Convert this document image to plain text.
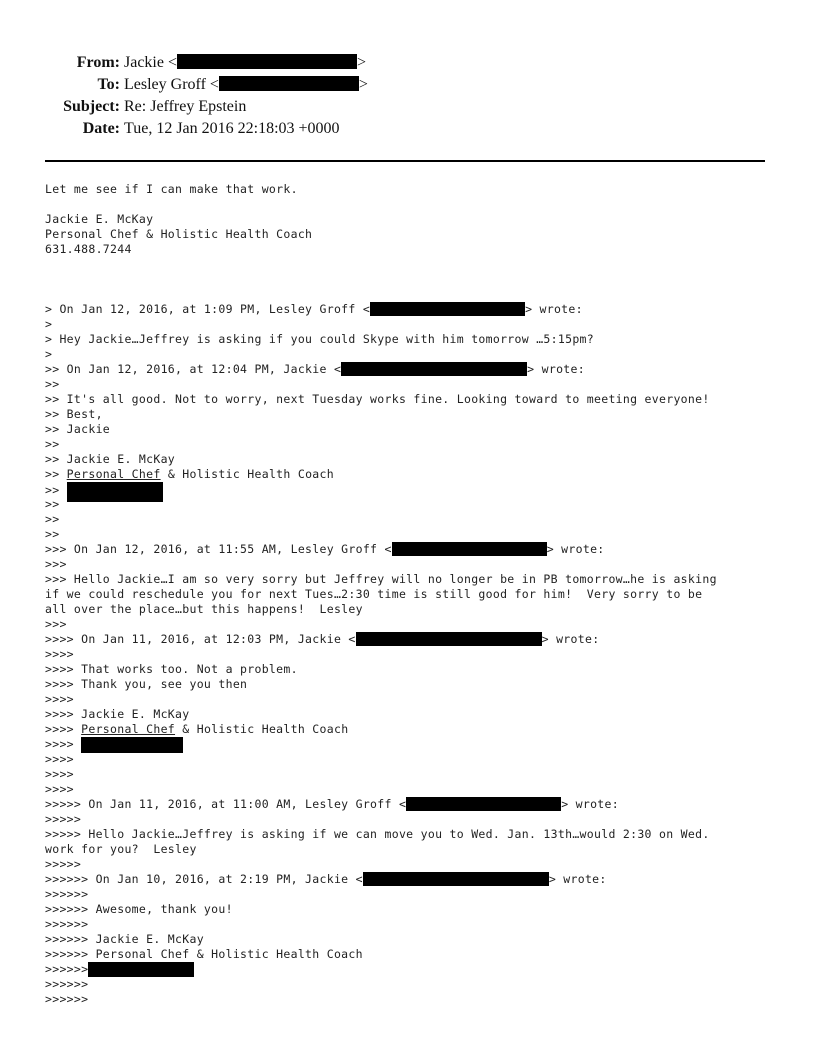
From: Jackie <	>
To: Lesley Groff <	>
Subject: Re: Jeffrey Epstein
Date: Tue, 12 Jan 2016 22:18:03 +0000
Let me see if I can make that work.
Jackie E. McKay
Personal Chef & Holistic Health Coach
631.488.7244
> On Jan 12, 2016, at 1:09 PM, Lesley Groff <	> wrote:
>
> Hey Jackie…Jeffrey is asking if you could Skype with him tomorrow …5:15pm?
>
>> On Jan 12, 2016, at 12:04 PM, Jackie <	> wrote:
>>
>> It's all good. Not to worry, next Tuesday works fine. Looking toward to meeting everyone!
>> Best,
>> Jackie
>>
>> Jackie E. McKay
>> Personal Chef & Holistic Health Coach
>>
>>
>>
>>
>>> On Jan 12, 2016, at 11:55 AM, Lesley Groff <	> wrote:
>>>
>>> Hello Jackie…I am so very sorry but Jeffrey will no longer be in PB tomorrow…he is asking
if we could reschedule you for next Tues…2:30 time is still good for him!  Very sorry to be
all over the place…but this happens!  Lesley
>>>
>>>> On Jan 11, 2016, at 12:03 PM, Jackie <	> wrote:
>>>>
>>>> That works too. Not a problem.
>>>> Thank you, see you then
>>>>
>>>> Jackie E. McKay
>>>> Personal Chef & Holistic Health Coach
>>>>
>>>>
>>>>
>>>>
>>>>> On Jan 11, 2016, at 11:00 AM, Lesley Groff <	> wrote:
>>>>>
>>>>> Hello Jackie…Jeffrey is asking if we can move you to Wed. Jan. 13th…would 2:30 on Wed.
work for you?  Lesley
>>>>>
>>>>>> On Jan 10, 2016, at 2:19 PM, Jackie <	> wrote:
>>>>>>
>>>>>> Awesome, thank you!
>>>>>>
>>>>>> Jackie E. McKay
>>>>>> Personal Chef & Holistic Health Coach
>>>>>>
>>>>>>
>>>>>>
